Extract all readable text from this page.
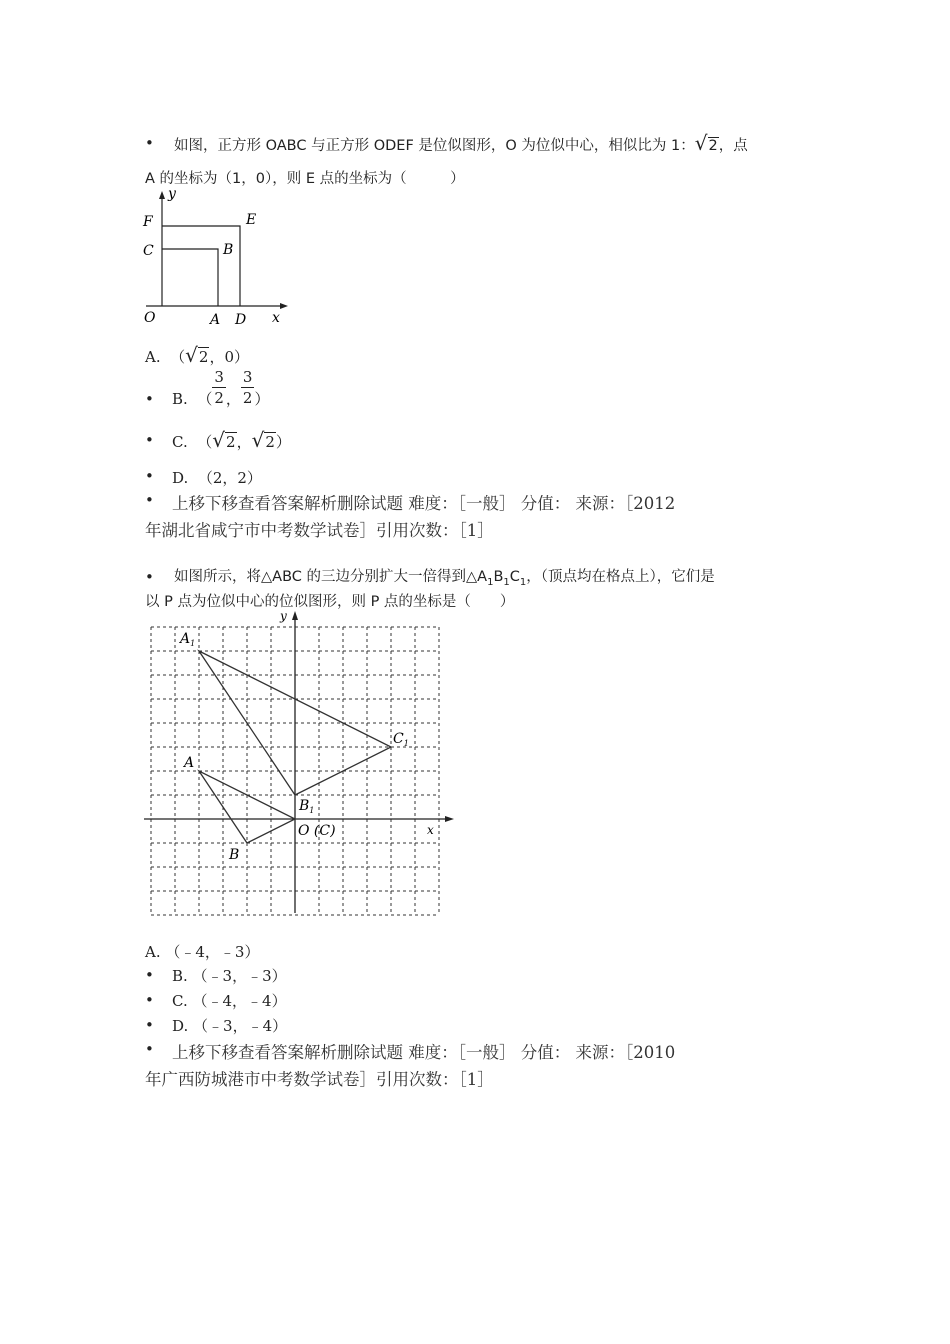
• 如图，正方形 OABC 与正方形 ODEF 是位似图形，O 为位似中心，相似比为 1：√2，点
A 的坐标为（1，0），则 E 点的坐标为（　　　）
y
x
F	E
C	B
O	A D
A. （√2，0）
• B. （ $\frac{3}{2}$ ， $\frac{3}{2}$ ）
• C. （√2，√2）
• D. （2，2）
• 上移下移查看答案解析删除试题 难度：［一般］ 分值： 来源：［2012
年湖北省咸宁市中考数学试卷］引用次数：［1］
• 如图所示，将△ABC 的三边分别扩大一倍得到$\triangle A_1B_1C_1$，（顶点均在格点上），它们是
以 P 点为位似中心的位似图形，则 P 点的坐标是（　　）
y
x
$A_1$
$C_1$
A
$B_1$
O (C)
B
A. （﹣4，﹣3）
• B. （﹣3，﹣3）
• C. （﹣4，﹣4）
• D. （﹣3，﹣4）
• 上移下移查看答案解析删除试题 难度：［一般］ 分值： 来源：［2010
年广西防城港市中考数学试卷］引用次数：［1］
